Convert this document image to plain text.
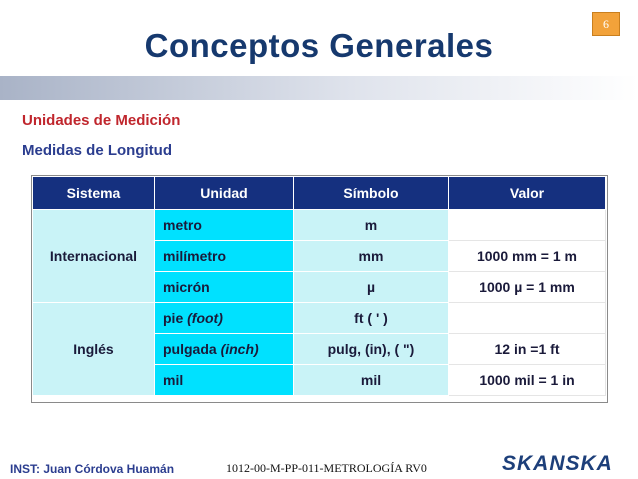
6
Conceptos Generales
Unidades de Medición
Medidas de Longitud
Sistema	Unidad	Símbolo	Valor
Internacional	metro	m	
	milímetro	mm	1000 mm = 1 m
	micrón	µ	1000 µ = 1 mm
Inglés	pie (foot)	ft ( ' )	
	pulgada (inch)	pulg, (in), ( ")	12 in =1 ft
	mil	mil	1000 mil = 1 in
INST: Juan Córdova Huamán	1012-00-M-PP-011-METROLOGÍA RV0	SKANSKA
